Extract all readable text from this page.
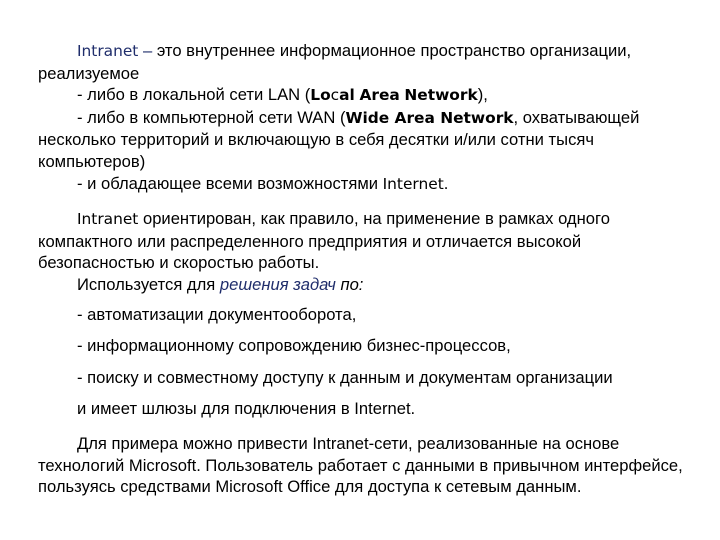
Intranet – это внутреннее информационное пространство организации, реализуемое

- либо в локальной сети LAN (Local Area Network),

- либо в компьютерной сети WAN (Wide Area Network, охватывающей несколько территорий и включающую в себя десятки и/или сотни тысяч компьютеров)

- и обладающее всеми возможностями Internet.

Intranet ориентирован, как правило, на применение в рамках одного компактного или распределенного предприятия и отличается высокой безопасностью и скоростью работы.

Используется для решения задач по:

- автоматизации документооборота,

- информационному сопровождению бизнес-процессов,

- поиску и совместному доступу к данным и документам организации

и имеет шлюзы для подключения в Internet.

Для примера можно привести Intranet-сети, реализованные на основе технологий Microsoft. Пользователь работает с данными в привычном интерфейсе, пользуясь средствами Microsoft Office для доступа к сетевым данным.
